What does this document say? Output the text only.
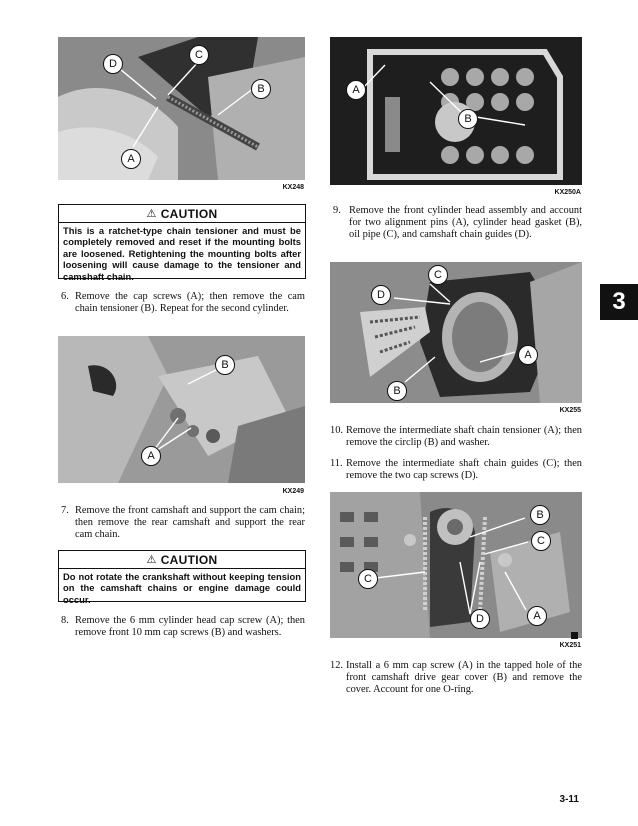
D
C
B
A
KX248
⚠ CAUTION
This is a ratchet-type chain tensioner and must be completely removed and reset if the mounting bolts are loosened. Retightening the mounting bolts after loosening will cause damage to the tensioner and camshaft chain.
6. Remove the cap screws (A); then remove the cam chain tensioner (B). Repeat for the second cylinder.
B
A
KX249
7. Remove the front camshaft and support the cam chain; then remove the rear camshaft and support the rear cam chain.
⚠ CAUTION
Do not rotate the crankshaft without keeping tension on the camshaft chains or engine damage could occur.
8. Remove the 6 mm cylinder head cap screw (A); then remove front 10 mm cap screws (B) and washers.
A
B
KX250A
9. Remove the front cylinder head assembly and account for two alignment pins (A), cylinder head gasket (B), oil pipe (C), and camshaft chain guides (D).
C
D
A
B
KX255
10. Remove the intermediate shaft chain tensioner (A); then remove the circlip (B) and washer.
11. Remove the intermediate shaft chain guides (C); then remove the two cap screws (D).
B
C
C
D	A
KX251
12. Install a 6 mm cap screw (A) in the tapped hole of the front camshaft drive gear cover (B) and remove the cover. Account for one O-ring.
3
3-11
